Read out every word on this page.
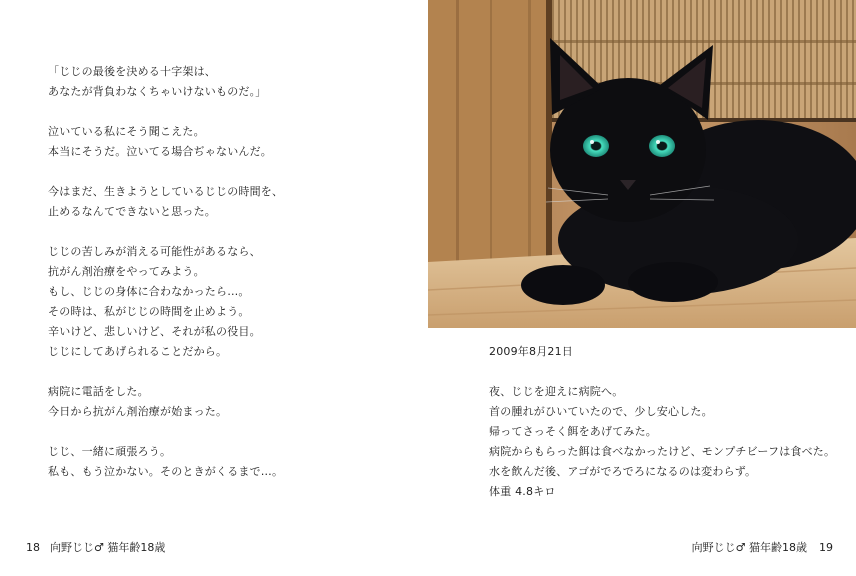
「じじの最後を決める十字架は、
あなたが背負わなくちゃいけないものだ。」
泣いている私にそう聞こえた。
本当にそうだ。泣いてる場合ぢゃないんだ。
今はまだ、生きようとしているじじの時間を、
止めるなんてできないと思った。
じじの苦しみが消える可能性があるなら、
抗がん剤治療をやってみよう。
もし、じじの身体に合わなかったら…。
その時は、私がじじの時間を止めよう。
辛いけど、悲しいけど、それが私の役目。
じじにしてあげられることだから。
病院に電話をした。
今日から抗がん剤治療が始まった。
じじ、一緒に頑張ろう。
私も、もう泣かない。そのときがくるまで…。
2009年8月21日
夜、じじを迎えに病院へ。
首の腫れがひいていたので、少し安心した。
帰ってさっそく餌をあげてみた。
病院からもらった餌は食べなかったけど、モンプチビーフは食べた。
水を飲んだ後、アゴがでろでろになるのは変わらず。
体重 4.8キロ
18 向野じじ♂ 猫年齢18歳	向野じじ♂ 猫年齢18歳 19
